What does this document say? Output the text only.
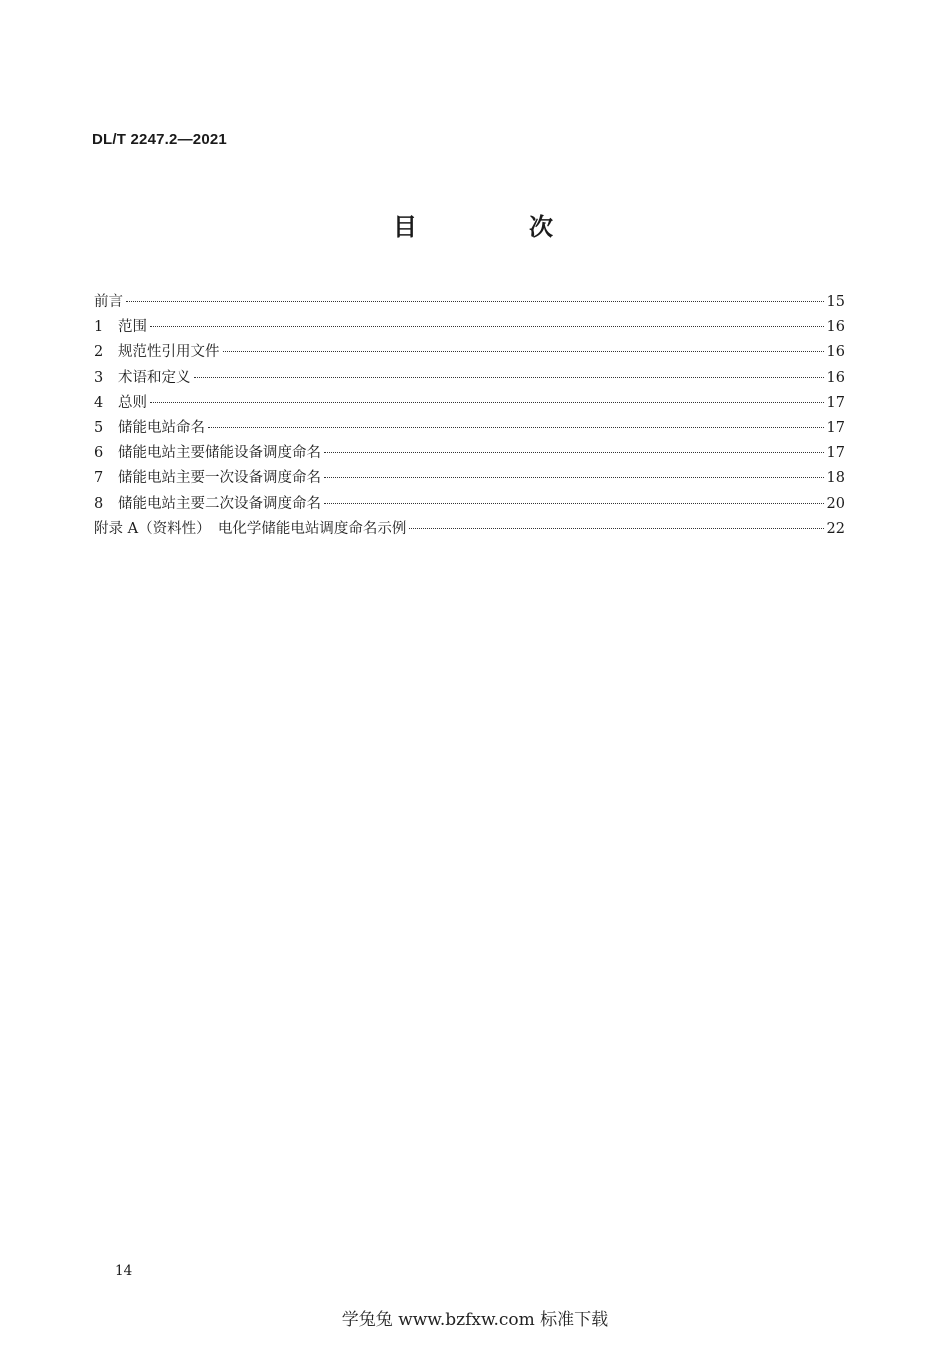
DL/T 2247.2—2021
目　次
前言	15
1	范围	16
2	规范性引用文件	16
3	术语和定义	16
4	总则	17
5	储能电站命名	17
6	储能电站主要储能设备调度命名	17
7	储能电站主要一次设备调度命名	18
8	储能电站主要二次设备调度命名	20
附录 A（资料性）　电化学储能电站调度命名示例	22
14
学兔兔 www.bzfxw.com 标准下载
